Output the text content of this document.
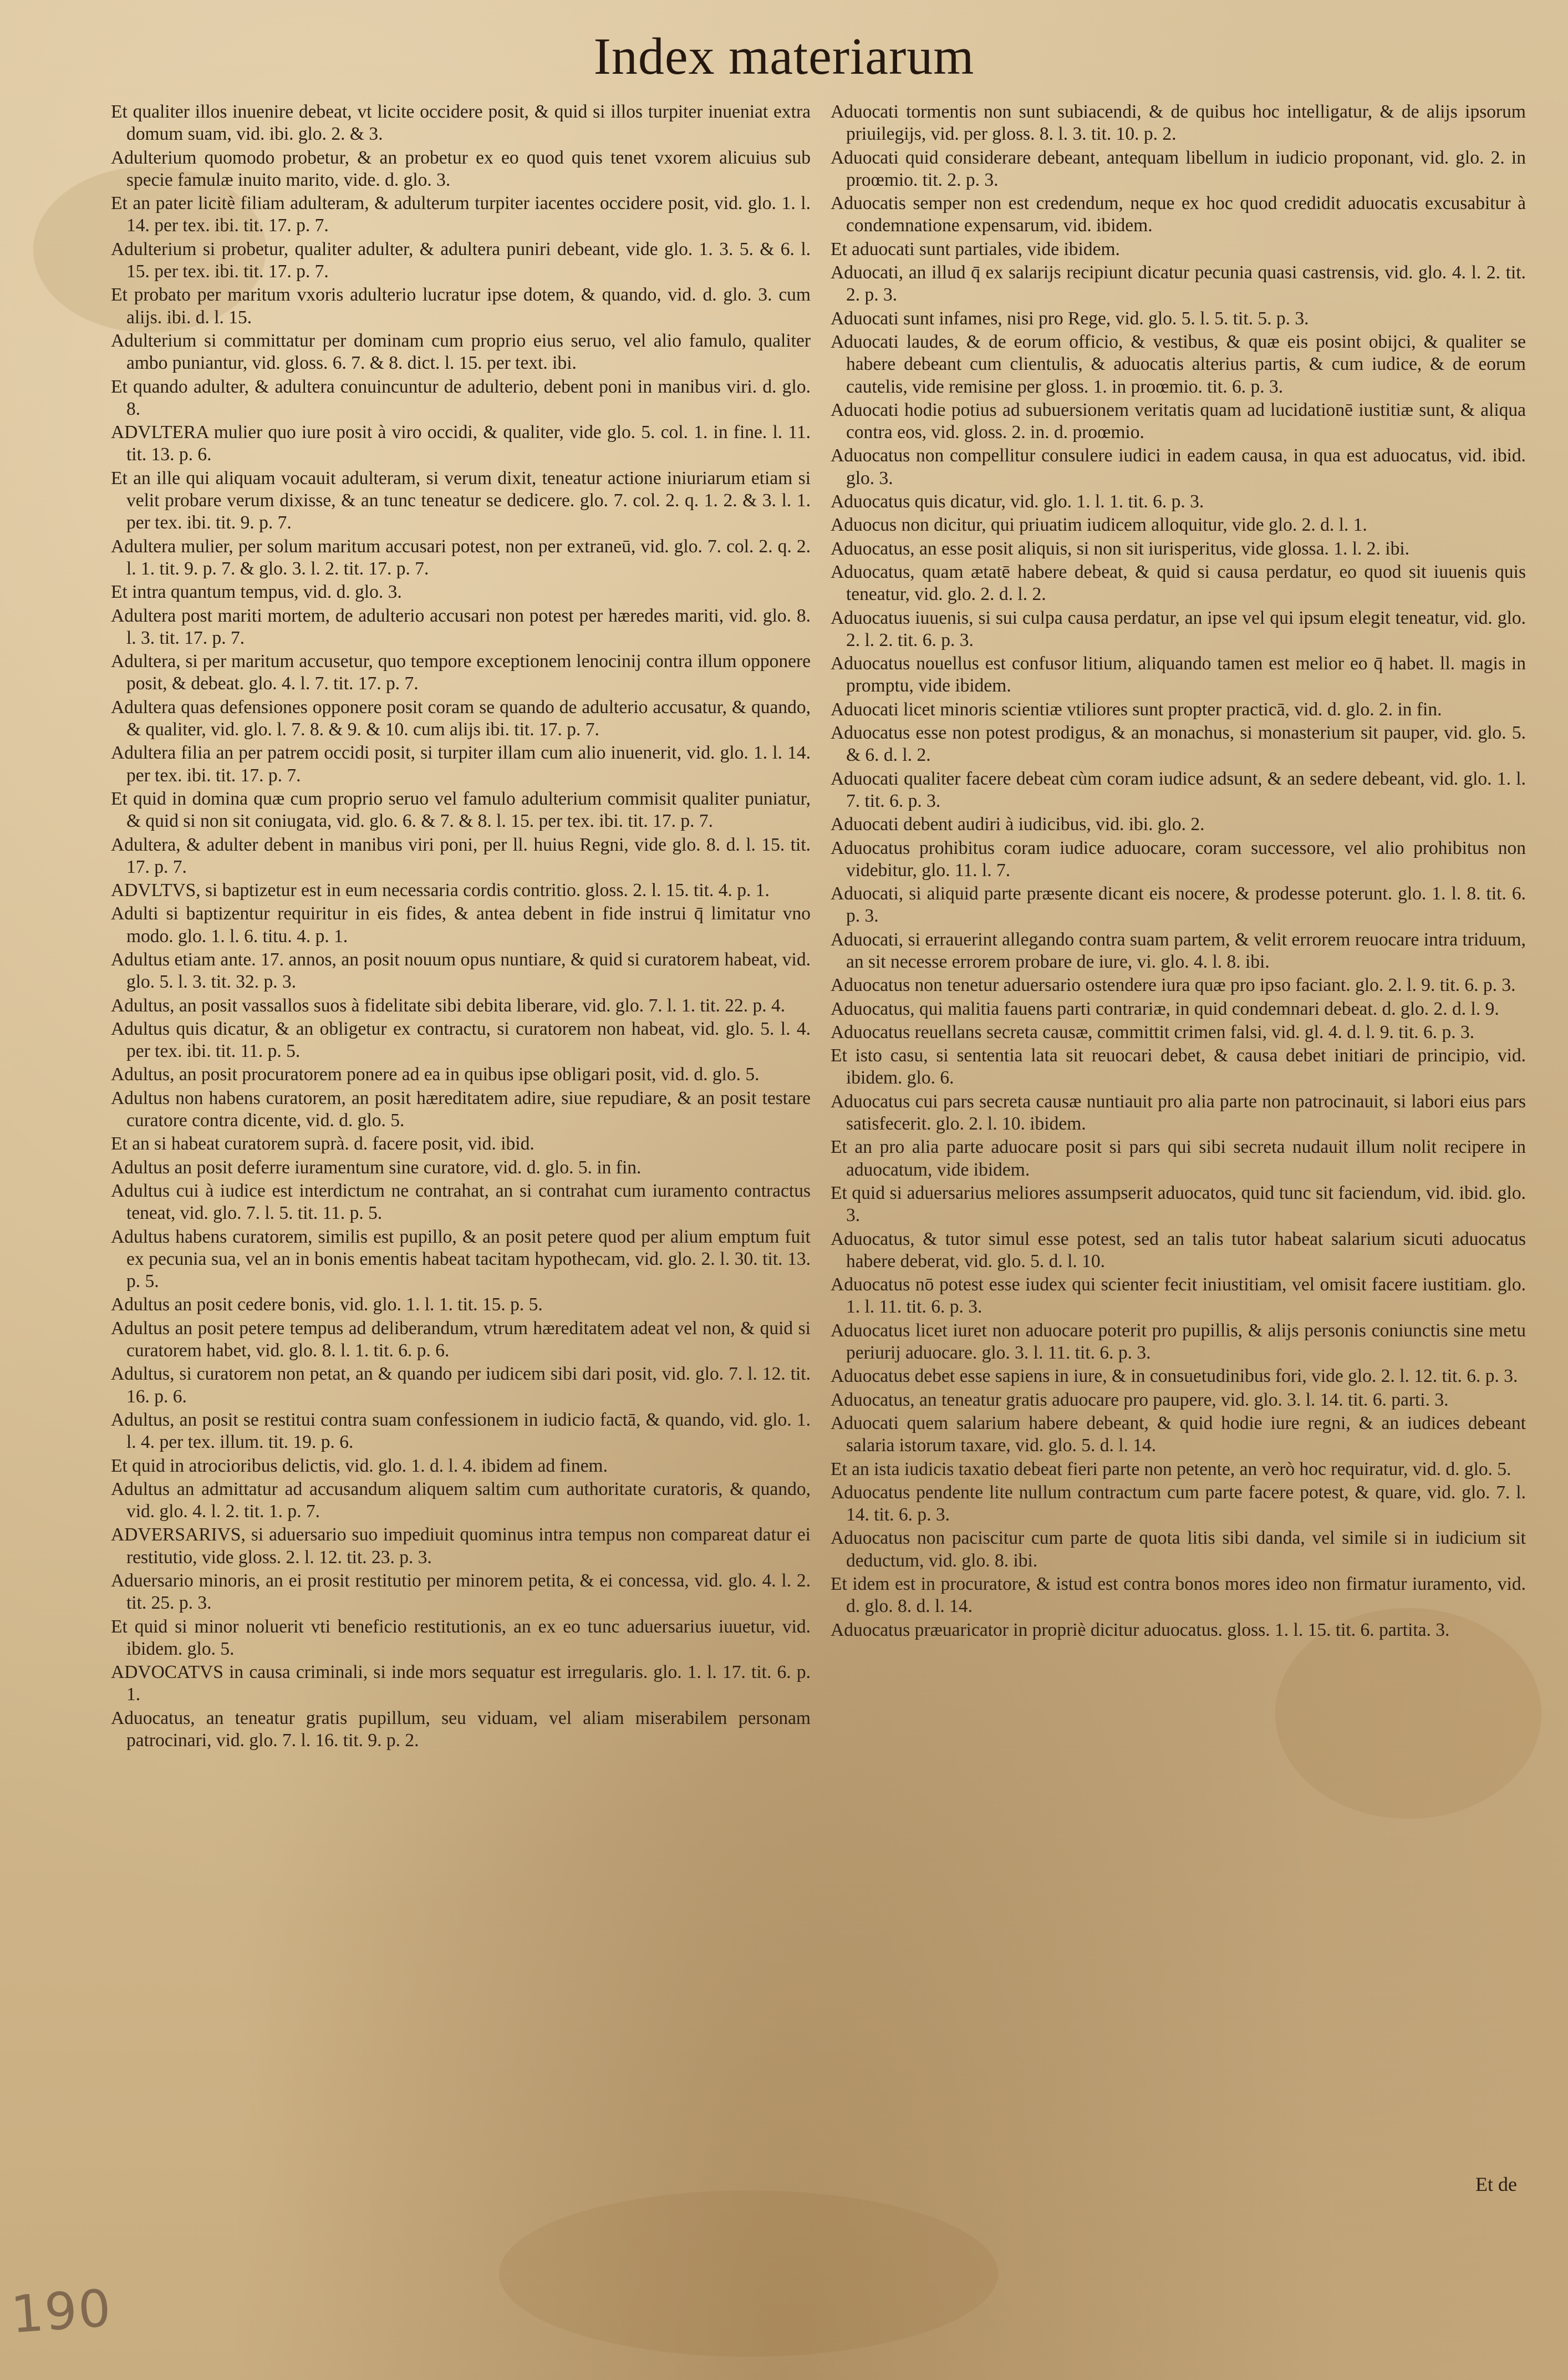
Index materiarum
Et qualiter illos inuenire debeat, vt licite occidere posit, & quid si illos turpiter inueniat extra domum suam, vid. ibi. glo. 2. & 3.
Adulterium quomodo probetur, & an probetur ex eo quod quis tenet vxorem alicuius sub specie famulæ inuito marito, vide. d. glo. 3.
Et an pater licitè filiam adulteram, & adulterum turpiter iacentes occidere posit, vid. glo. 1. l. 14. per tex. ibi. tit. 17. p. 7.
Adulterium si probetur, qualiter adulter, & adultera puniri debeant, vide glo. 1. 3. 5. & 6. l. 15. per tex. ibi. tit. 17. p. 7.
Et probato per maritum vxoris adulterio lucratur ipse dotem, & quando, vid. d. glo. 3. cum alijs. ibi. d. l. 15.
Adulterium si committatur per dominam cum proprio eius seruo, vel alio famulo, qualiter ambo puniantur, vid. gloss. 6. 7. & 8. dict. l. 15. per text. ibi.
Et quando adulter, & adultera conuincuntur de adulterio, debent poni in manibus viri. d. glo. 8.
ADVLTERA mulier quo iure posit à viro occidi, & qualiter, vide glo. 5. col. 1. in fine. l. 11. tit. 13. p. 6.
Et an ille qui aliquam vocauit adulteram, si verum dixit, teneatur actione iniuriarum etiam si velit probare verum dixisse, & an tunc teneatur se dedicere. glo. 7. col. 2. q. 1. 2. & 3. l. 1. per tex. ibi. tit. 9. p. 7.
Adultera mulier, per solum maritum accusari potest, non per extraneū, vid. glo. 7. col. 2. q. 2. l. 1. tit. 9. p. 7. & glo. 3. l. 2. tit. 17. p. 7.
Et intra quantum tempus, vid. d. glo. 3.
Adultera post mariti mortem, de adulterio accusari non potest per hæredes mariti, vid. glo. 8. l. 3. tit. 17. p. 7.
Adultera, si per maritum accusetur, quo tempore exceptionem lenocinij contra illum opponere posit, & debeat. glo. 4. l. 7. tit. 17. p. 7.
Adultera quas defensiones opponere posit coram se quando de adulterio accusatur, & quando, & qualiter, vid. glo. l. 7. 8. & 9. & 10. cum alijs ibi. tit. 17. p. 7.
Adultera filia an per patrem occidi posit, si turpiter illam cum alio inuenerit, vid. glo. 1. l. 14. per tex. ibi. tit. 17. p. 7.
Et quid in domina quæ cum proprio seruo vel famulo adulterium commisit qualiter puniatur, & quid si non sit coniugata, vid. glo. 6. & 7. & 8. l. 15. per tex. ibi. tit. 17. p. 7.
Adultera, & adulter debent in manibus viri poni, per ll. huius Regni, vide glo. 8. d. l. 15. tit. 17. p. 7.
ADVLTVS, si baptizetur est in eum necessaria cordis contritio. gloss. 2. l. 15. tit. 4. p. 1.
Adulti si baptizentur requiritur in eis fides, & antea debent in fide instrui q̄ limitatur vno modo. glo. 1. l. 6. titu. 4. p. 1.
Adultus etiam ante. 17. annos, an posit nouum opus nuntiare, & quid si curatorem habeat, vid. glo. 5. l. 3. tit. 32. p. 3.
Adultus, an posit vassallos suos à fidelitate sibi debita liberare, vid. glo. 7. l. 1. tit. 22. p. 4.
Adultus quis dicatur, & an obligetur ex contractu, si curatorem non habeat, vid. glo. 5. l. 4. per tex. ibi. tit. 11. p. 5.
Adultus, an posit procuratorem ponere ad ea in quibus ipse obligari posit, vid. d. glo. 5.
Adultus non habens curatorem, an posit hæreditatem adire, siue repudiare, & an posit testare curatore contra dicente, vid. d. glo. 5.
Et an si habeat curatorem suprà. d. facere posit, vid. ibid.
Adultus an posit deferre iuramentum sine curatore, vid. d. glo. 5. in fin.
Adultus cui à iudice est interdictum ne contrahat, an si contrahat cum iuramento contractus teneat, vid. glo. 7. l. 5. tit. 11. p. 5.
Adultus habens curatorem, similis est pupillo, & an posit petere quod per alium emptum fuit ex pecunia sua, vel an in bonis ementis habeat tacitam hypothecam, vid. glo. 2. l. 30. tit. 13. p. 5.
Adultus an posit cedere bonis, vid. glo. 1. l. 1. tit. 15. p. 5.
Adultus an posit petere tempus ad deliberandum, vtrum hæreditatem adeat vel non, & quid si curatorem habet, vid. glo. 8. l. 1. tit. 6. p. 6.
Adultus, si curatorem non petat, an & quando per iudicem sibi dari posit, vid. glo. 7. l. 12. tit. 16. p. 6.
Adultus, an posit se restitui contra suam confessionem in iudicio factā, & quando, vid. glo. 1. l. 4. per tex. illum. tit. 19. p. 6.
Et quid in atrocioribus delictis, vid. glo. 1. d. l. 4. ibidem ad finem.
Adultus an admittatur ad accusandum aliquem saltim cum authoritate curatoris, & quando, vid. glo. 4. l. 2. tit. 1. p. 7.
ADVERSARIVS, si aduersario suo impediuit quominus intra tempus non compareat datur ei restitutio, vide gloss. 2. l. 12. tit. 23. p. 3.
Aduersario minoris, an ei prosit restitutio per minorem petita, & ei concessa, vid. glo. 4. l. 2. tit. 25. p. 3.
Et quid si minor noluerit vti beneficio restitutionis, an ex eo tunc aduersarius iuuetur, vid. ibidem. glo. 5.
ADVOCATVS in causa criminali, si inde mors sequatur est irregularis. glo. 1. l. 17. tit. 6. p. 1.
Aduocatus, an teneatur gratis pupillum, seu viduam, vel aliam miserabilem personam patrocinari, vid. glo. 7. l. 16. tit. 9. p. 2.
Aduocati tormentis non sunt subiacendi, & de quibus hoc intelligatur, & de alijs ipsorum priuilegijs, vid. per gloss. 8. l. 3. tit. 10. p. 2.
Aduocati quid considerare debeant, antequam libellum in iudicio proponant, vid. glo. 2. in proœmio. tit. 2. p. 3.
Aduocatis semper non est credendum, neque ex hoc quod credidit aduocatis excusabitur à condemnatione expensarum, vid. ibidem.
Et aduocati sunt partiales, vide ibidem.
Aduocati, an illud q̄ ex salarijs recipiunt dicatur pecunia quasi castrensis, vid. glo. 4. l. 2. tit. 2. p. 3.
Aduocati sunt infames, nisi pro Rege, vid. glo. 5. l. 5. tit. 5. p. 3.
Aduocati laudes, & de eorum officio, & vestibus, & quæ eis posint obijci, & qualiter se habere debeant cum clientulis, & aduocatis alterius partis, & cum iudice, & de eorum cautelis, vide remisine per gloss. 1. in proœmio. tit. 6. p. 3.
Aduocati hodie potius ad subuersionem veritatis quam ad lucidationē iustitiæ sunt, & aliqua contra eos, vid. gloss. 2. in. d. proœmio.
Aduocatus non compellitur consulere iudici in eadem causa, in qua est aduocatus, vid. ibid. glo. 3.
Aduocatus quis dicatur, vid. glo. 1. l. 1. tit. 6. p. 3.
Aduocus non dicitur, qui priuatim iudicem alloquitur, vide glo. 2. d. l. 1.
Aduocatus, an esse posit aliquis, si non sit iurisperitus, vide glossa. 1. l. 2. ibi.
Aduocatus, quam ætatē habere debeat, & quid si causa perdatur, eo quod sit iuuenis quis teneatur, vid. glo. 2. d. l. 2.
Aduocatus iuuenis, si sui culpa causa perdatur, an ipse vel qui ipsum elegit teneatur, vid. glo. 2. l. 2. tit. 6. p. 3.
Aduocatus nouellus est confusor litium, aliquando tamen est melior eo q̄ habet. ll. magis in promptu, vide ibidem.
Aduocati licet minoris scientiæ vtiliores sunt propter practicā, vid. d. glo. 2. in fin.
Aduocatus esse non potest prodigus, & an monachus, si monasterium sit pauper, vid. glo. 5. & 6. d. l. 2.
Aduocati qualiter facere debeat cùm coram iudice adsunt, & an sedere debeant, vid. glo. 1. l. 7. tit. 6. p. 3.
Aduocati debent audiri à iudicibus, vid. ibi. glo. 2.
Aduocatus prohibitus coram iudice aduocare, coram successore, vel alio prohibitus non videbitur, glo. 11. l. 7.
Aduocati, si aliquid parte præsente dicant eis nocere, & prodesse poterunt. glo. 1. l. 8. tit. 6. p. 3.
Aduocati, si errauerint allegando contra suam partem, & velit errorem reuocare intra triduum, an sit necesse errorem probare de iure, vi. glo. 4. l. 8. ibi.
Aduocatus non tenetur aduersario ostendere iura quæ pro ipso faciant. glo. 2. l. 9. tit. 6. p. 3.
Aduocatus, qui malitia fauens parti contrariæ, in quid condemnari debeat. d. glo. 2. d. l. 9.
Aduocatus reuellans secreta causæ, committit crimen falsi, vid. gl. 4. d. l. 9. tit. 6. p. 3.
Et isto casu, si sententia lata sit reuocari debet, & causa debet initiari de principio, vid. ibidem. glo. 6.
Aduocatus cui pars secreta causæ nuntiauit pro alia parte non patrocinauit, si labori eius pars satisfecerit. glo. 2. l. 10. ibidem.
Et an pro alia parte aduocare posit si pars qui sibi secreta nudauit illum nolit recipere in aduocatum, vide ibidem.
Et quid si aduersarius meliores assumpserit aduocatos, quid tunc sit faciendum, vid. ibid. glo. 3.
Aduocatus, & tutor simul esse potest, sed an talis tutor habeat salarium sicuti aduocatus habere deberat, vid. glo. 5. d. l. 10.
Aduocatus nō potest esse iudex qui scienter fecit iniustitiam, vel omisit facere iustitiam. glo. 1. l. 11. tit. 6. p. 3.
Aduocatus licet iuret non aduocare poterit pro pupillis, & alijs personis coniunctis sine metu periurij aduocare. glo. 3. l. 11. tit. 6. p. 3.
Aduocatus debet esse sapiens in iure, & in consuetudinibus fori, vide glo. 2. l. 12. tit. 6. p. 3.
Aduocatus, an teneatur gratis aduocare pro paupere, vid. glo. 3. l. 14. tit. 6. parti. 3.
Aduocati quem salarium habere debeant, & quid hodie iure regni, & an iudices debeant salaria istorum taxare, vid. glo. 5. d. l. 14.
Et an ista iudicis taxatio debeat fieri parte non petente, an verò hoc requiratur, vid. d. glo. 5.
Aduocatus pendente lite nullum contractum cum parte facere potest, & quare, vid. glo. 7. l. 14. tit. 6. p. 3.
Aduocatus non paciscitur cum parte de quota litis sibi danda, vel simile si in iudicium sit deductum, vid. glo. 8. ibi.
Et idem est in procuratore, & istud est contra bonos mores ideo non firmatur iuramento, vid. d. glo. 8. d. l. 14.
Aduocatus præuaricator in propriè dicitur aduocatus. gloss. 1. l. 15. tit. 6. partita. 3.
Et de
190
